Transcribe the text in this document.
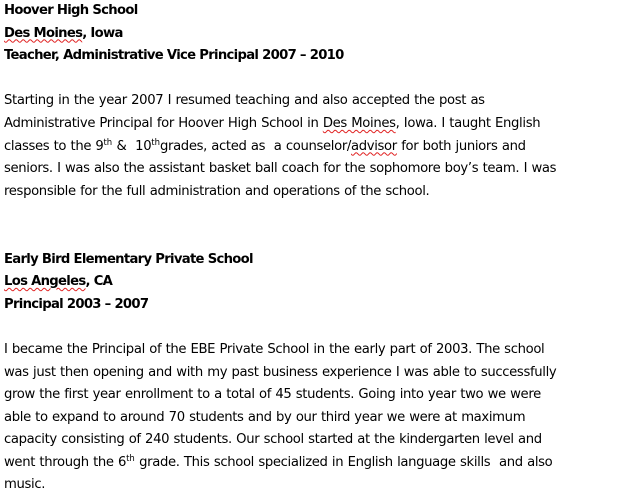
Hoover High School
Des Moines, Iowa
Teacher, Administrative Vice Principal 2007 – 2010
Starting in the year 2007 I resumed teaching and also accepted the post as
Administrative Principal for Hoover High School in Des Moines, Iowa. I taught English
classes to the 9th &  10thgrades, acted as  a counselor/advisor for both juniors and
seniors. I was also the assistant basket ball coach for the sophomore boy’s team. I was
responsible for the full administration and operations of the school.
Early Bird Elementary Private School
Los Angeles, CA
Principal 2003 – 2007
I became the Principal of the EBE Private School in the early part of 2003. The school
was just then opening and with my past business experience I was able to successfully
grow the first year enrollment to a total of 45 students. Going into year two we were
able to expand to around 70 students and by our third year we were at maximum
capacity consisting of 240 students. Our school started at the kindergarten level and
went through the 6th grade. This school specialized in English language skills  and also
music.
